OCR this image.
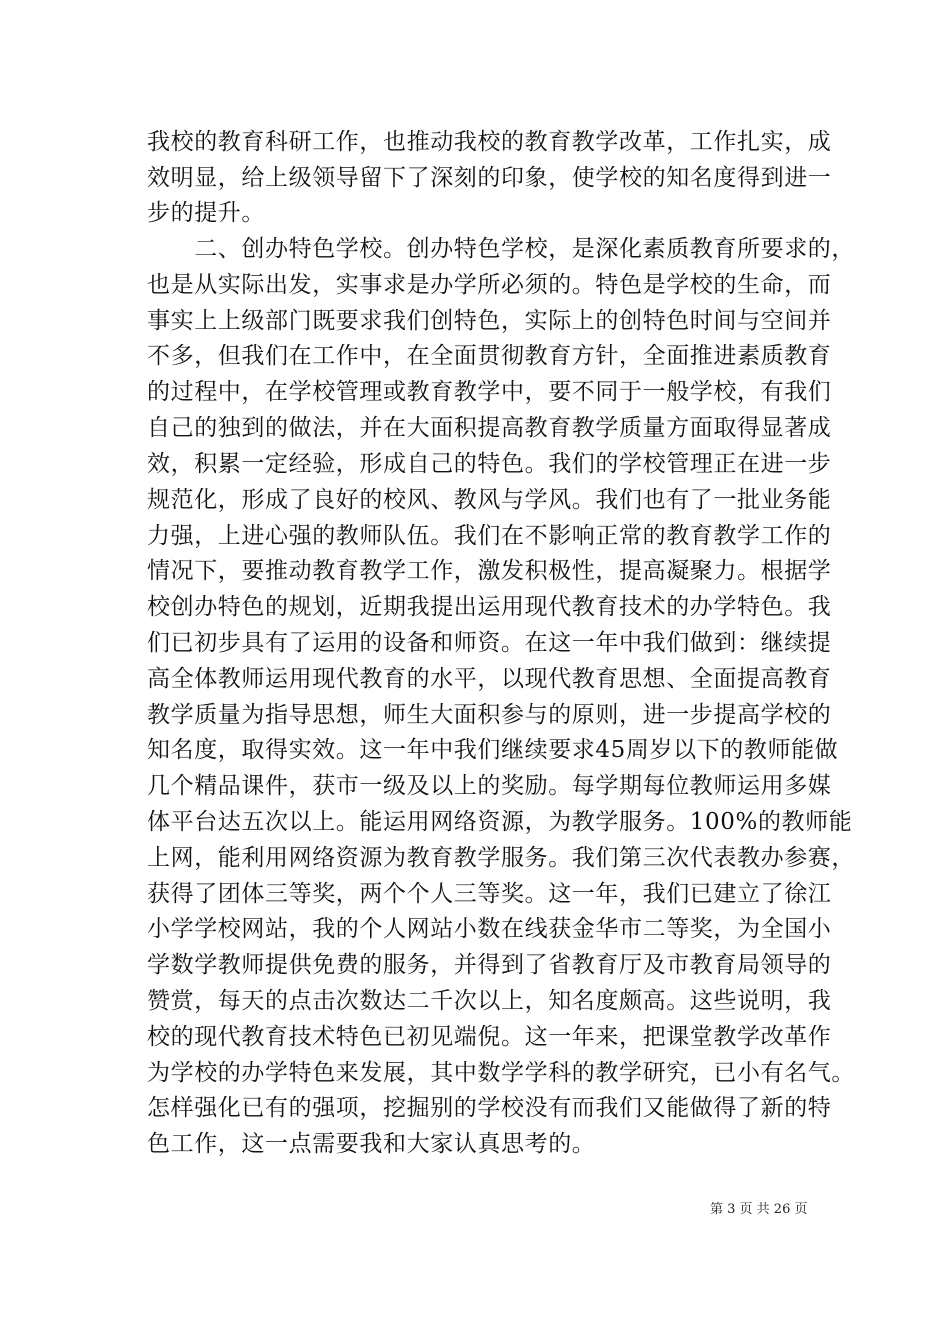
我校的教育科研工作，也推动我校的教育教学改革，工作扎实，成
效明显，给上级领导留下了深刻的印象，使学校的知名度得到进一
步的提升。
　　二、创办特色学校。创办特色学校，是深化素质教育所要求的，
也是从实际出发，实事求是办学所必须的。特色是学校的生命，而
事实上上级部门既要求我们创特色，实际上的创特色时间与空间并
不多，但我们在工作中，在全面贯彻教育方针，全面推进素质教育
的过程中，在学校管理或教育教学中，要不同于一般学校，有我们
自己的独到的做法，并在大面积提高教育教学质量方面取得显著成
效，积累一定经验，形成自己的特色。我们的学校管理正在进一步
规范化，形成了良好的校风、教风与学风。我们也有了一批业务能
力强，上进心强的教师队伍。我们在不影响正常的教育教学工作的
情况下，要推动教育教学工作，激发积极性，提高凝聚力。根据学
校创办特色的规划，近期我提出运用现代教育技术的办学特色。我
们已初步具有了运用的设备和师资。在这一年中我们做到：继续提
高全体教师运用现代教育的水平，以现代教育思想、全面提高教育
教学质量为指导思想，师生大面积参与的原则，进一步提高学校的
知名度，取得实效。这一年中我们继续要求45周岁以下的教师能做
几个精品课件，获市一级及以上的奖励。每学期每位教师运用多媒
体平台达五次以上。能运用网络资源，为教学服务。100%的教师能
上网，能利用网络资源为教育教学服务。我们第三次代表教办参赛，
获得了团体三等奖，两个个人三等奖。这一年，我们已建立了徐江
小学学校网站，我的个人网站小数在线获金华市二等奖，为全国小
学数学教师提供免费的服务，并得到了省教育厅及市教育局领导的
赞赏，每天的点击次数达二千次以上，知名度颇高。这些说明，我
校的现代教育技术特色已初见端倪。这一年来，把课堂教学改革作
为学校的办学特色来发展，其中数学学科的教学研究，已小有名气。
怎样强化已有的强项，挖掘别的学校没有而我们又能做得了新的特
色工作，这一点需要我和大家认真思考的。
第 3 页 共 26 页
